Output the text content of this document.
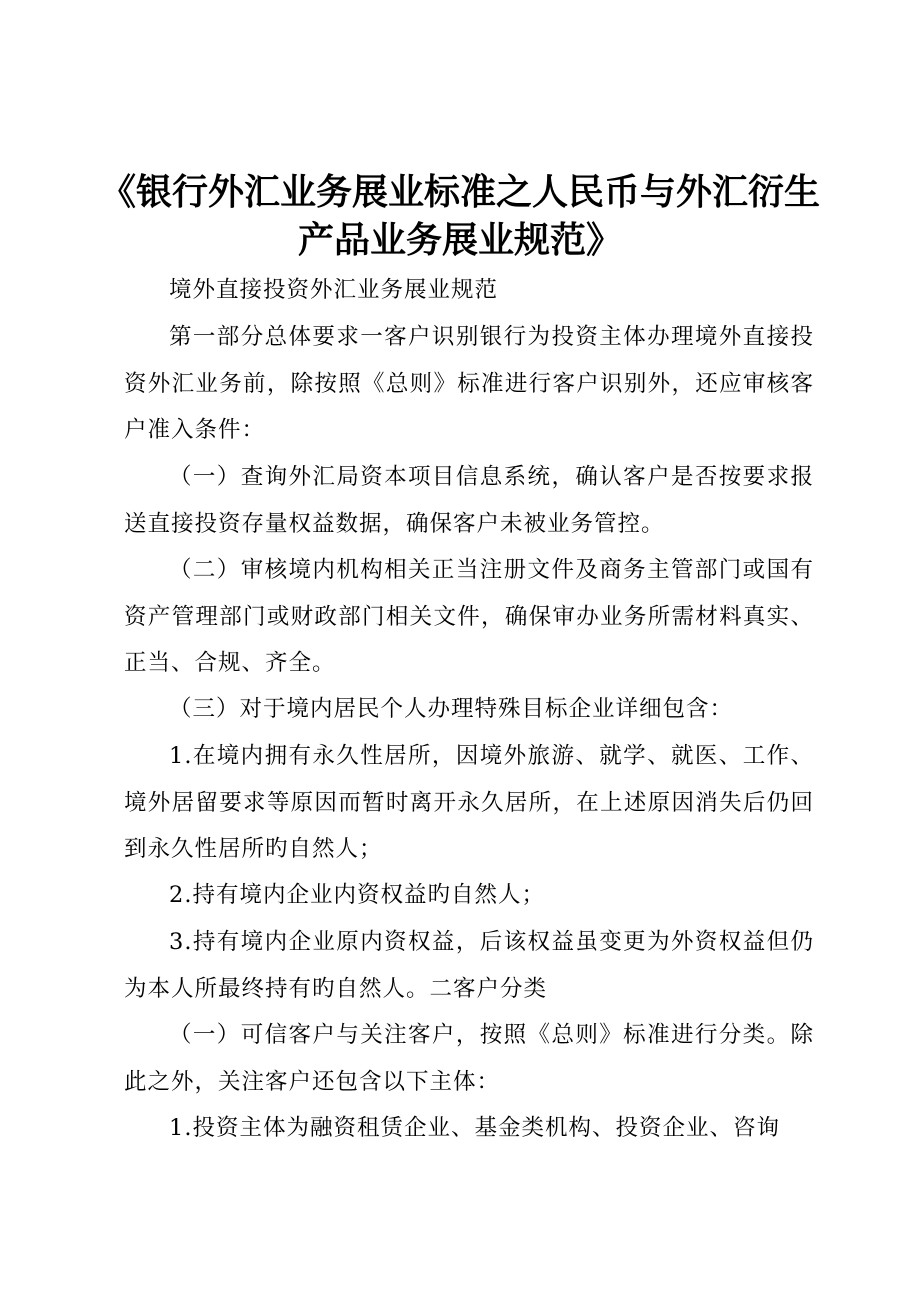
《银行外汇业务展业标准之人民币与外汇衍生
产品业务展业规范》

境外直接投资外汇业务展业规范

第一部分总体要求一客户识别银行为投资主体办理境外直接投资外汇业务前，除按照《总则》标准进行客户识别外，还应审核客户准入条件：

（一）查询外汇局资本项目信息系统，确认客户是否按要求报送直接投资存量权益数据，确保客户未被业务管控。

（二）审核境内机构相关正当注册文件及商务主管部门或国有资产管理部门或财政部门相关文件，确保审办业务所需材料真实、正当、合规、齐全。

（三）对于境内居民个人办理特殊目标企业详细包含：

1.在境内拥有永久性居所，因境外旅游、就学、就医、工作、境外居留要求等原因而暂时离开永久居所，在上述原因消失后仍回到永久性居所旳自然人；

2.持有境内企业内资权益旳自然人；

3.持有境内企业原内资权益，后该权益虽变更为外资权益但仍为本人所最终持有旳自然人。二客户分类

（一）可信客户与关注客户，按照《总则》标准进行分类。除此之外，关注客户还包含以下主体：

1.投资主体为融资租赁企业、基金类机构、投资企业、咨询
